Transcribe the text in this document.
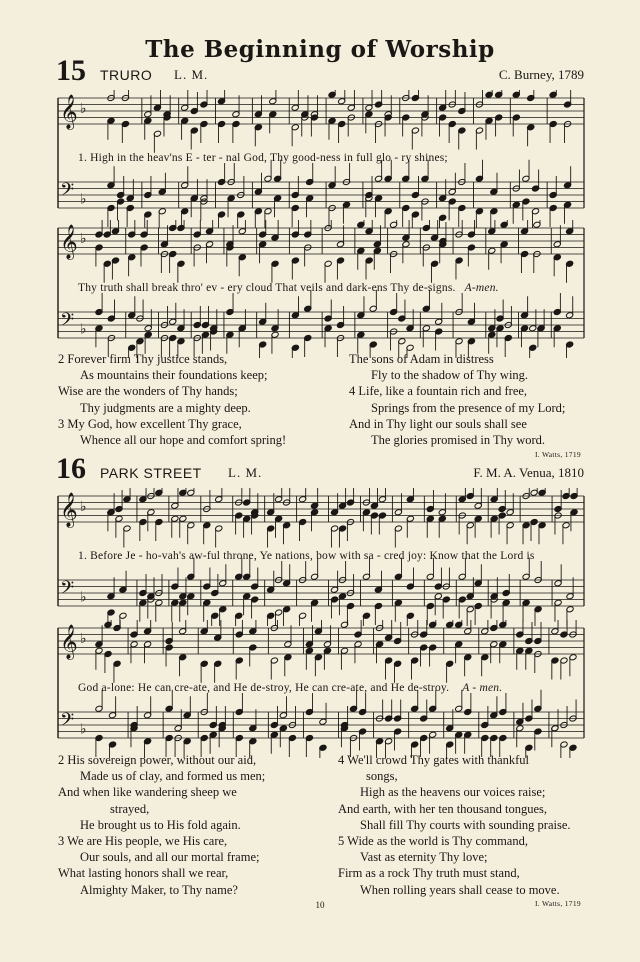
The Beginning of Worship
15 TRURO L. M.	C. Burney, 1789
𝄞 ♭
𝄢 ♭
1. High in the heav'ns E - ter - nal God, Thy good-ness in full glo - ry shines;
𝄞 ♭
𝄢 ♭
Thy truth shall break thro' ev - ery cloud That veils and dark-ens Thy de-signs. A-men.
2 Forever firm Thy justice stands,
As mountains their foundations keep;
Wise are the wonders of Thy hands;
Thy judgments are a mighty deep.
3 My God, how excellent Thy grace,
Whence all our hope and comfort spring!
The sons of Adam in distress
Fly to the shadow of Thy wing.
4 Life, like a fountain rich and free,
Springs from the presence of my Lord;
And in Thy light our souls shall see
The glories promised in Thy word.
I. Watts, 1719
16 PARK STREET L. M.	F. M. A. Venua, 1810
𝄞 ♭
𝄢 ♭
1. Before Je - ho-vah's aw-ful throne, Ye nations, bow with sa - cred joy: Know that the Lord is
𝄞 ♭
𝄢 ♭
God a-lone: He can cre-ate, and He de-stroy, He can cre-ate, and He de-stroy. A - men.
2 His sovereign power, without our aid,
Made us of clay, and formed us men;
And when like wandering sheep we
strayed,
He brought us to His fold again.
3 We are His people, we His care,
Our souls, and all our mortal frame;
What lasting honors shall we rear,
Almighty Maker, to Thy name?
4 We'll crowd Thy gates with thankful
songs,
High as the heavens our voices raise;
And earth, with her ten thousand tongues,
Shall fill Thy courts with sounding praise.
5 Wide as the world is Thy command,
Vast as eternity Thy love;
Firm as a rock Thy truth must stand,
When rolling years shall cease to move.
I. Watts, 1719
10
